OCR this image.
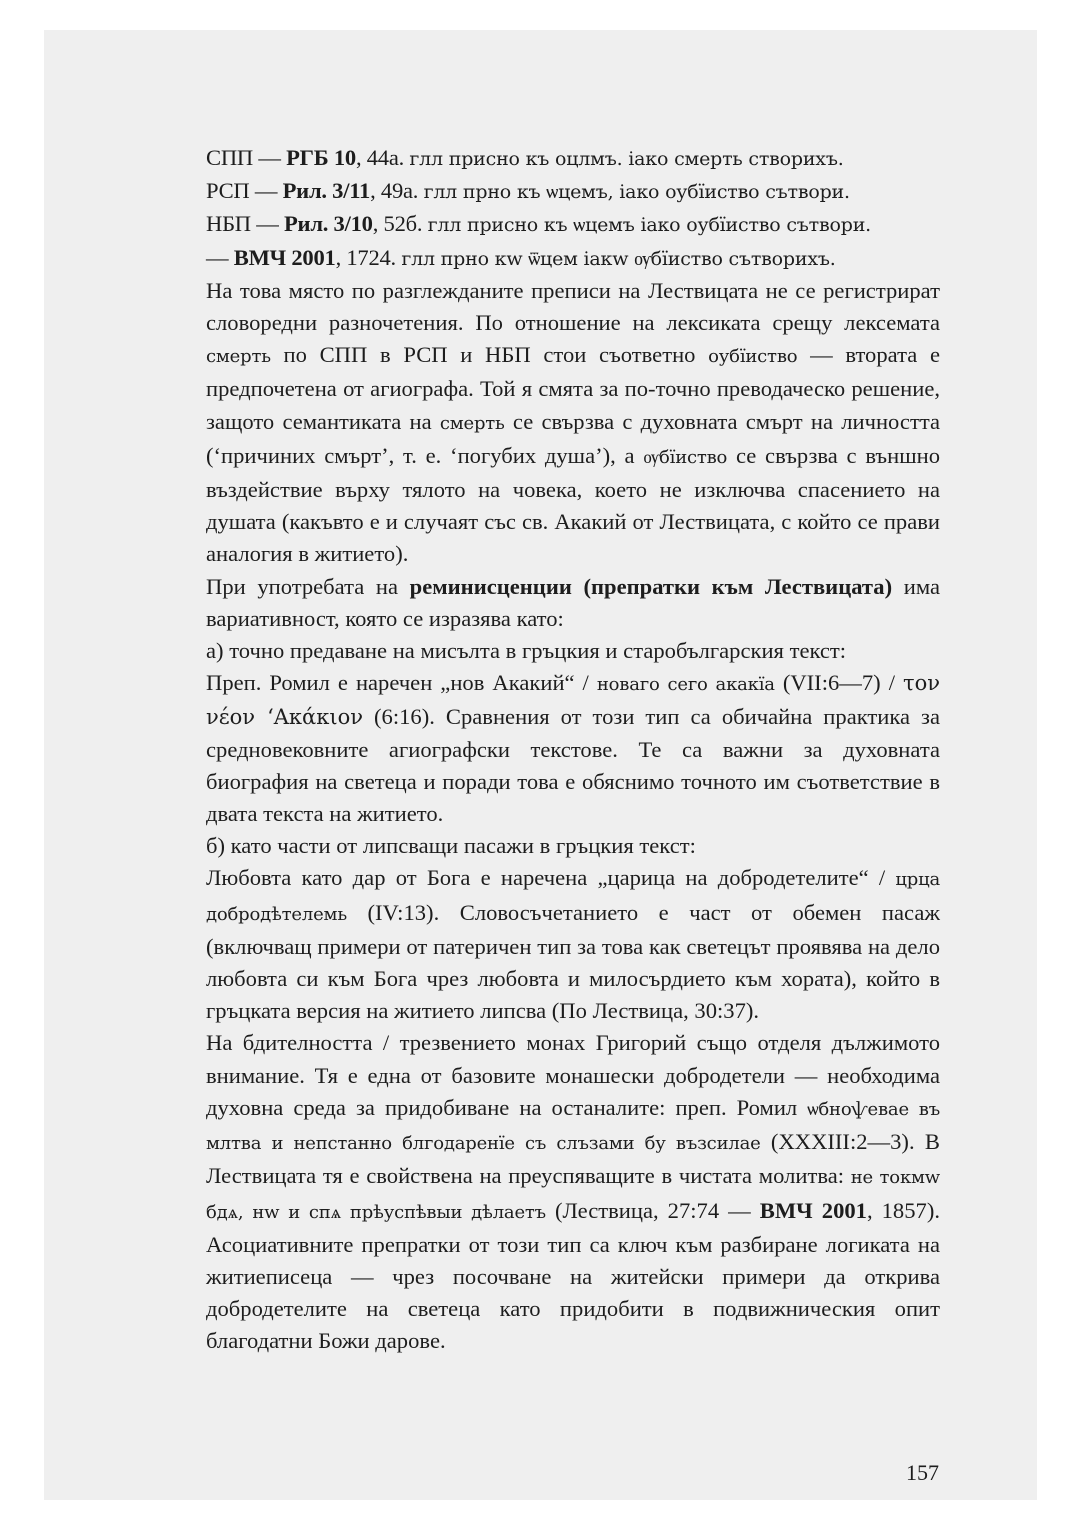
СПП — РГБ 10, 44а. глл присно къ оцлмъ. іако смерть створихъ.

РСП — Рил. 3/11, 49а. глл прно къ ѡцемъ, іако оубїиство сътвори.

НБП — Рил. 3/10, 52б. глл присно къ ѡцемъ іако оубїиство сътвори.

— ВМЧ 2001, 1724. глл прно кw ѿцем іакw ѹбїиство сътворихъ.

На това място по разглежданите преписи на Лествицата не се регистрират словоредни разночетения. По отношение на лексиката срещу лексемата смерть по СПП в РСП и НБП стои съответно оубїиство — втората е предпочетена от агиографа. Той я смята за по-точно преводаческо решение, защото семантиката на смерть се свързва с духовната смърт на личността (‘причиних смърт’, т. е. ‘погубих душа’), а ѹбїиство се свързва с външно въздействие върху тялото на човека, което не изключва спасението на душата (какъвто е и случаят със св. Акакий от Лествицата, с който се прави аналогия в житието).

При употребата на реминисценции (препратки към Лествицата) има вариативност, която се изразява като:

а) точно предаване на мисълта в гръцкия и старобългарския текст:

Преп. Ромил е наречен „нов Акакий“ / новаго сего акакїа (VII:6—7) / τον νέον ‘Ακάκιον (6:16). Сравнения от този тип са обичайна практика за средновековните агиографски текстове. Те са важни за духовната биография на светеца и поради това е обяснимо точното им съответствие в двата текста на житието.

б) като части от липсващи пасажи в гръцкия текст:

Любовта като дар от Бога е наречена „царица на добродетелите“ / црца добродѣтелемь (IV:13). Словосъчетанието е част от обемен пасаж (включващ примери от патеричен тип за това как светецът проявява на дело любовта си към Бога чрез любовта и милосърдието към хората), който в гръцката версия на житието липсва (По Лествица, 30:37).

На бдителността / трезвението монах Григорий също отделя дължимото внимание. Тя е една от базовите монашески добродетели — необходима духовна среда за придобиване на останалите: преп. Ромил ѡбноѱевае въ млтва и непстанно блгодаренїе съ слъзами бу възсилае (XXXIII:2—3). В Лествицата тя е свойствена на преуспяващите в чистата молитва: не токмw бдѧ, нw и спѧ прѣуспѣвыи дѣлаетъ (Лествица, 27:74 — ВМЧ 2001, 1857). Асоциативните препратки от този тип са ключ към разбиране логиката на житиеписеца — чрез посочване на житейски примери да открива добродетелите на светеца като придобити в подвижническия опит благодатни Божи дарове.

157
